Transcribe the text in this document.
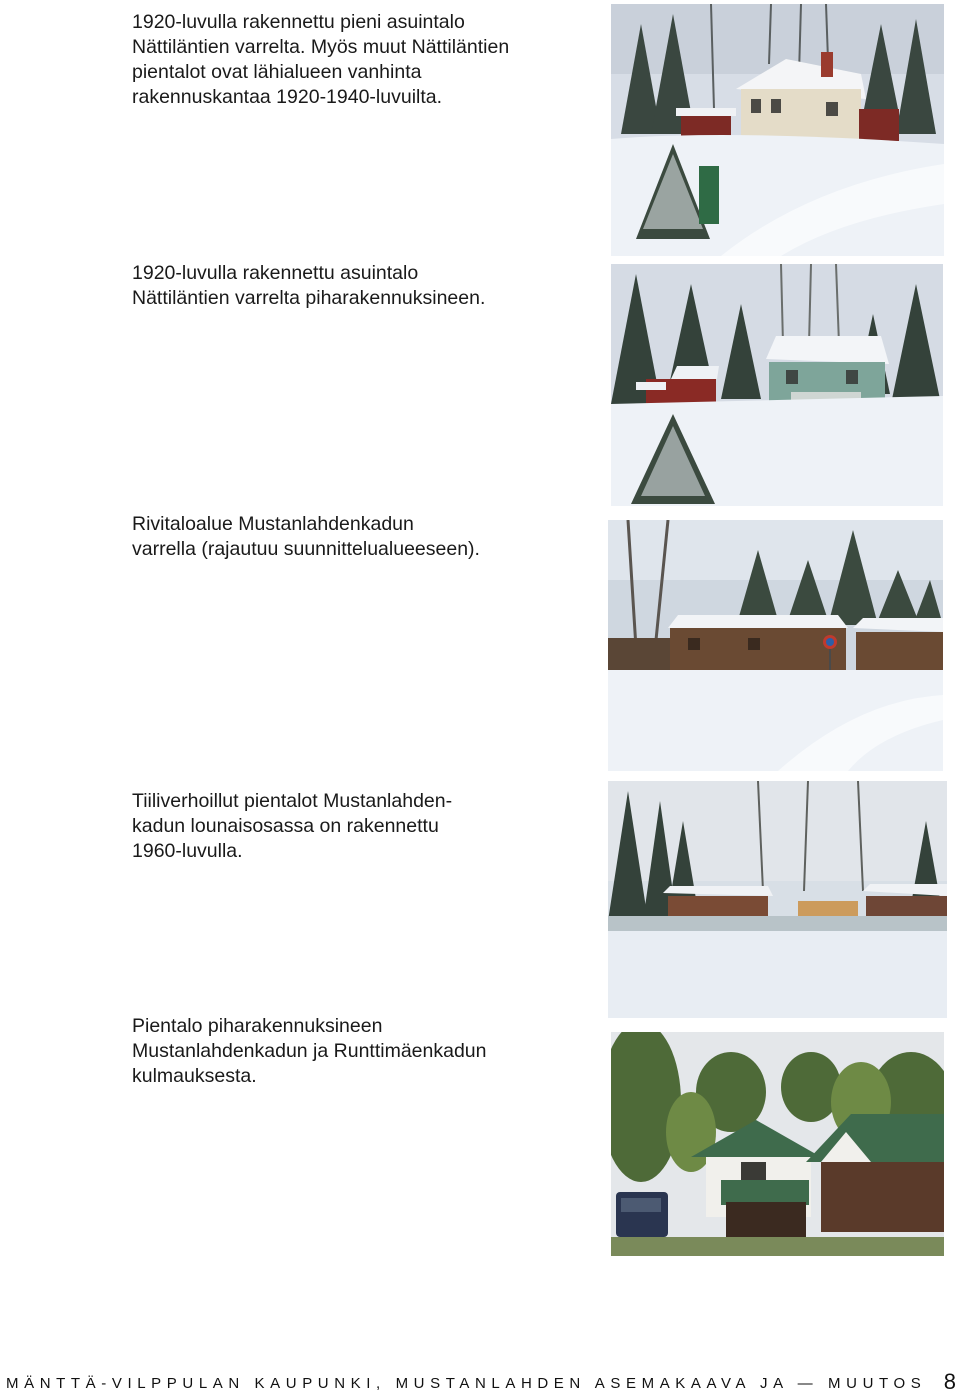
1920-luvulla rakennettu pieni asuintalo
Nättiläntien varrelta. Myös muut Nättiläntien
pientalot ovat lähialueen vanhinta
rakennuskantaa 1920-1940-luvuilta.
1920-luvulla rakennettu asuintalo
Nättiläntien varrelta piharakennuksineen.
Rivitaloalue Mustanlahdenkadun
varrella (rajautuu suunnittelualueeseen).
Tiiliverhoillut pientalot Mustanlahden-
kadun lounaisosassa on rakennettu
1960-luvulla.
Pientalo piharakennuksineen
Mustanlahdenkadun ja Runttimäenkadun
kulmauksesta.
MÄNTTÄ-VILPPULAN KAUPUNKI, MUSTANLAHDEN ASEMAKAAVA JA — MUUTOS 8
